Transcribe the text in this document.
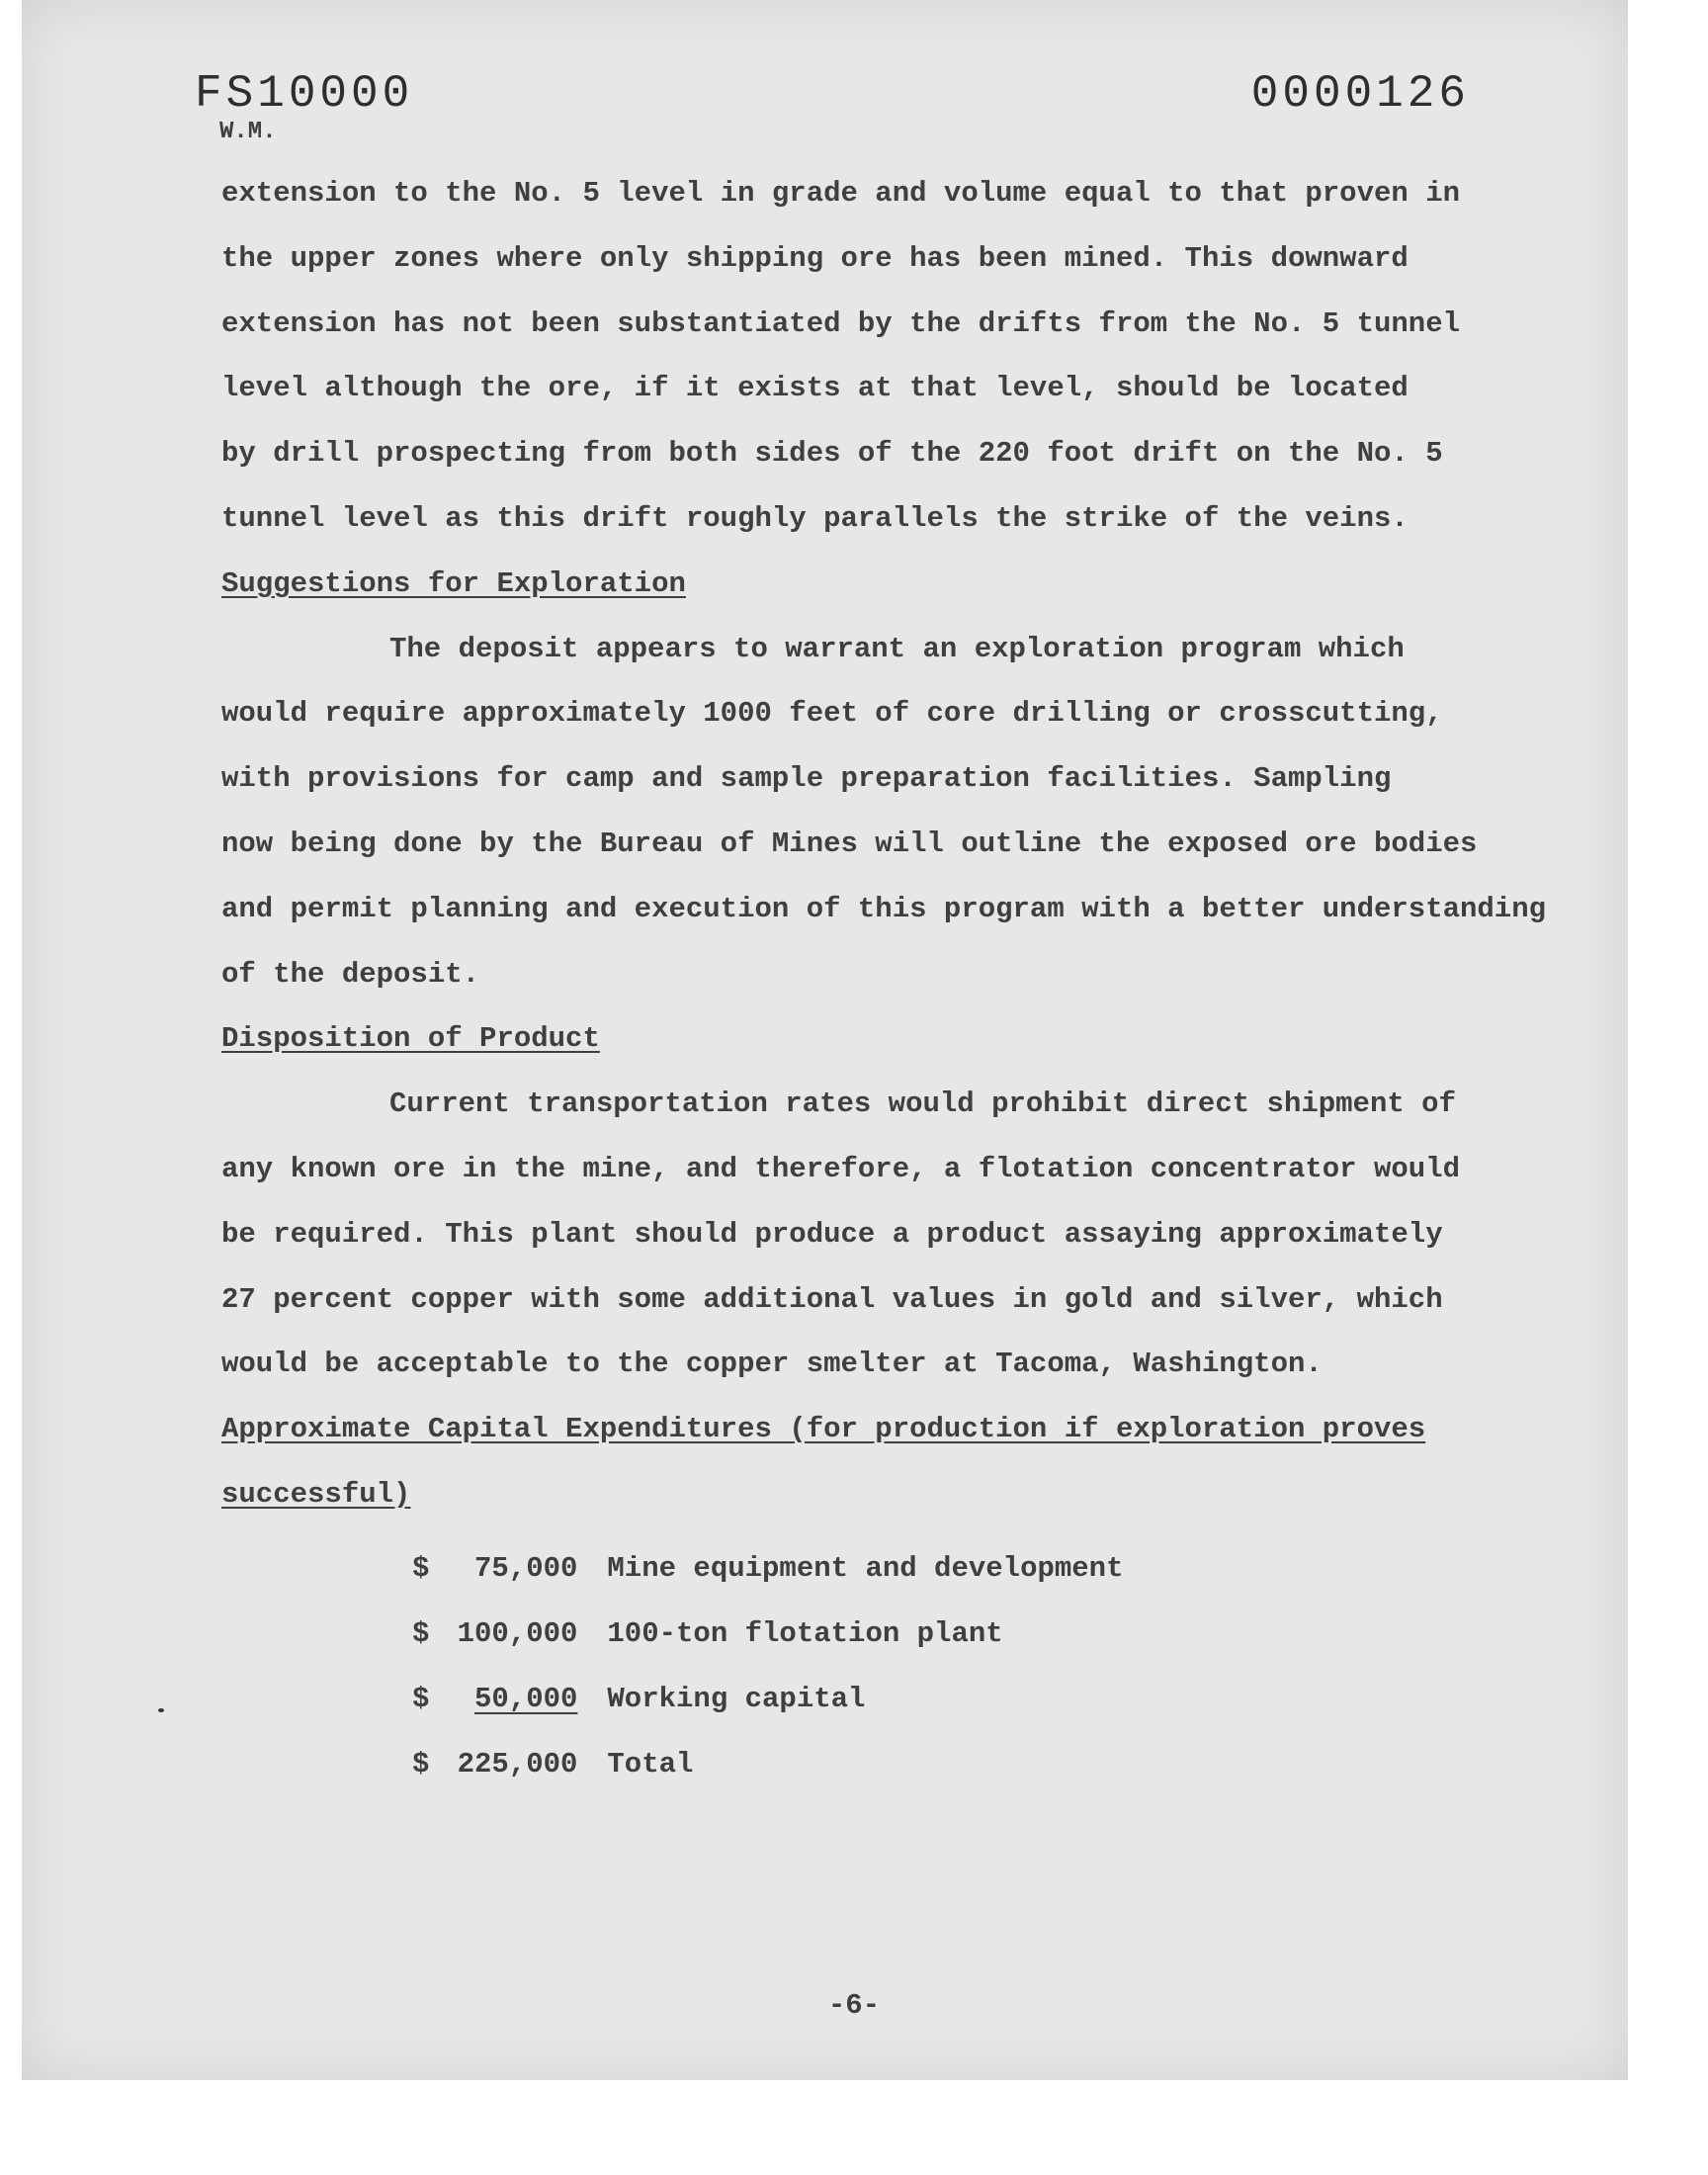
FS10000	0000126
W.M.
extension to the No. 5 level in grade and volume equal to that proven in
the upper zones where only shipping ore has been mined. This downward
extension has not been substantiated by the drifts from the No. 5 tunnel
level although the ore, if it exists at that level, should be located
by drill prospecting from both sides of the 220 foot drift on the No. 5
tunnel level as this drift roughly parallels the strike of the veins.
Suggestions for Exploration
The deposit appears to warrant an exploration program which
would require approximately 1000 feet of core drilling or crosscutting,
with provisions for camp and sample preparation facilities. Sampling
now being done by the Bureau of Mines will outline the exposed ore bodies
and permit planning and execution of this program with a better understanding
of the deposit.
Disposition of Product
Current transportation rates would prohibit direct shipment of
any known ore in the mine, and therefore, a flotation concentrator would
be required. This plant should produce a product assaying approximately
27 percent copper with some additional values in gold and silver, which
would be acceptable to the copper smelter at Tacoma, Washington.
Approximate Capital Expenditures (for production if exploration proves
successful)
$ 75,000 Mine equipment and development
$ 100,000 100-ton flotation plant
$ 50,000 Working capital
$ 225,000 Total
-6-
